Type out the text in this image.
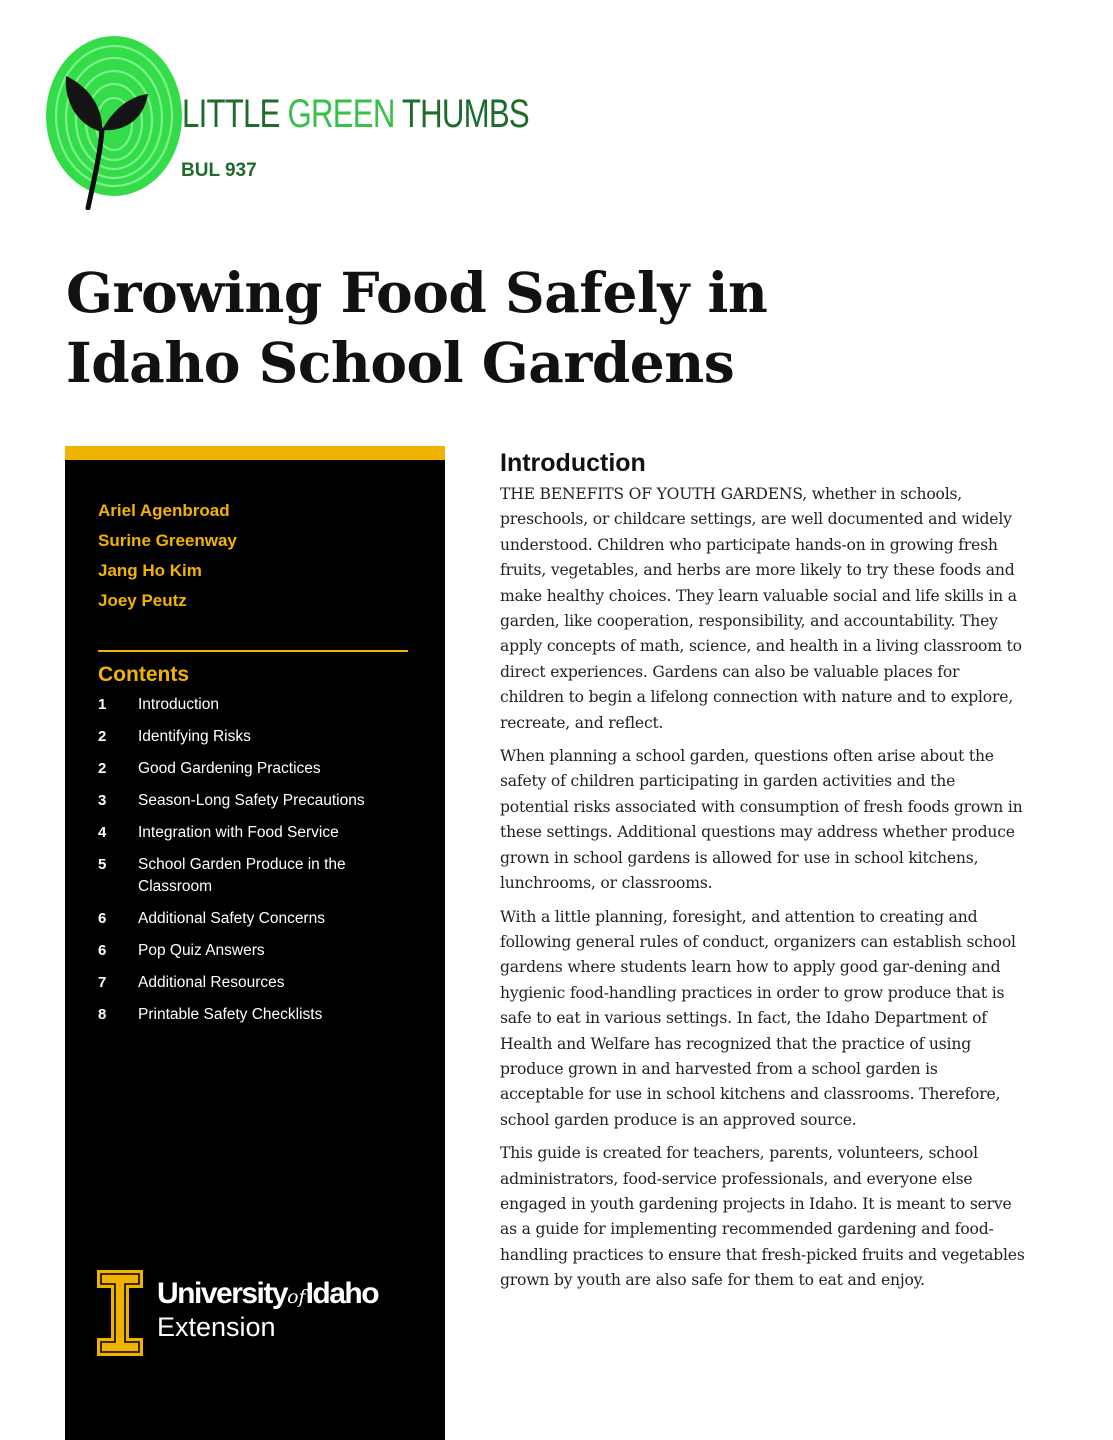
LITTLE GREEN THUMBS
BUL 937
Growing Food Safely in
Idaho School Gardens
Ariel Agenbroad
Surine Greenway
Jang Ho Kim
Joey Peutz
Contents
1	Introduction
2	Identifying Risks
2	Good Gardening Practices
3	Season-Long Safety Precautions
4	Integration with Food Service
5	School Garden Produce in the Classroom
6	Additional Safety Concerns
6	Pop Quiz Answers
7	Additional Resources
8	Printable Safety Checklists
UniversityofIdaho
Extension
Introduction

THE BENEFITS OF YOUTH GARDENS, whether in schools, preschools, or childcare settings, are well documented and widely understood. Children who participate hands-on in growing fresh fruits, vegetables, and herbs are more likely to try these foods and make healthy choices. They learn valuable social and life skills in a garden, like cooperation, responsibility, and accountability. They apply concepts of math, science, and health in a living classroom to direct experiences. Gardens can also be valuable places for children to begin a lifelong connection with nature and to explore, recreate, and reflect.

When planning a school garden, questions often arise about the safety of children participating in garden activities and the potential risks associated with consumption of fresh foods grown in these settings. Additional questions may address whether produce grown in school gardens is allowed for use in school kitchens, lunchrooms, or classrooms.

With a little planning, foresight, and attention to creating and following general rules of conduct, organizers can establish school gardens where students learn how to apply good gar-dening and hygienic food-handling practices in order to grow produce that is safe to eat in various settings. In fact, the Idaho Department of Health and Welfare has recognized that the practice of using produce grown in and harvested from a school garden is acceptable for use in school kitchens and classrooms. Therefore, school garden produce is an approved source.

This guide is created for teachers, parents, volunteers, school administrators, food-service professionals, and everyone else engaged in youth gardening projects in Idaho. It is meant to serve as a guide for implementing recommended gardening and food-handling practices to ensure that fresh-picked fruits and vegetables grown by youth are also safe for them to eat and enjoy.
